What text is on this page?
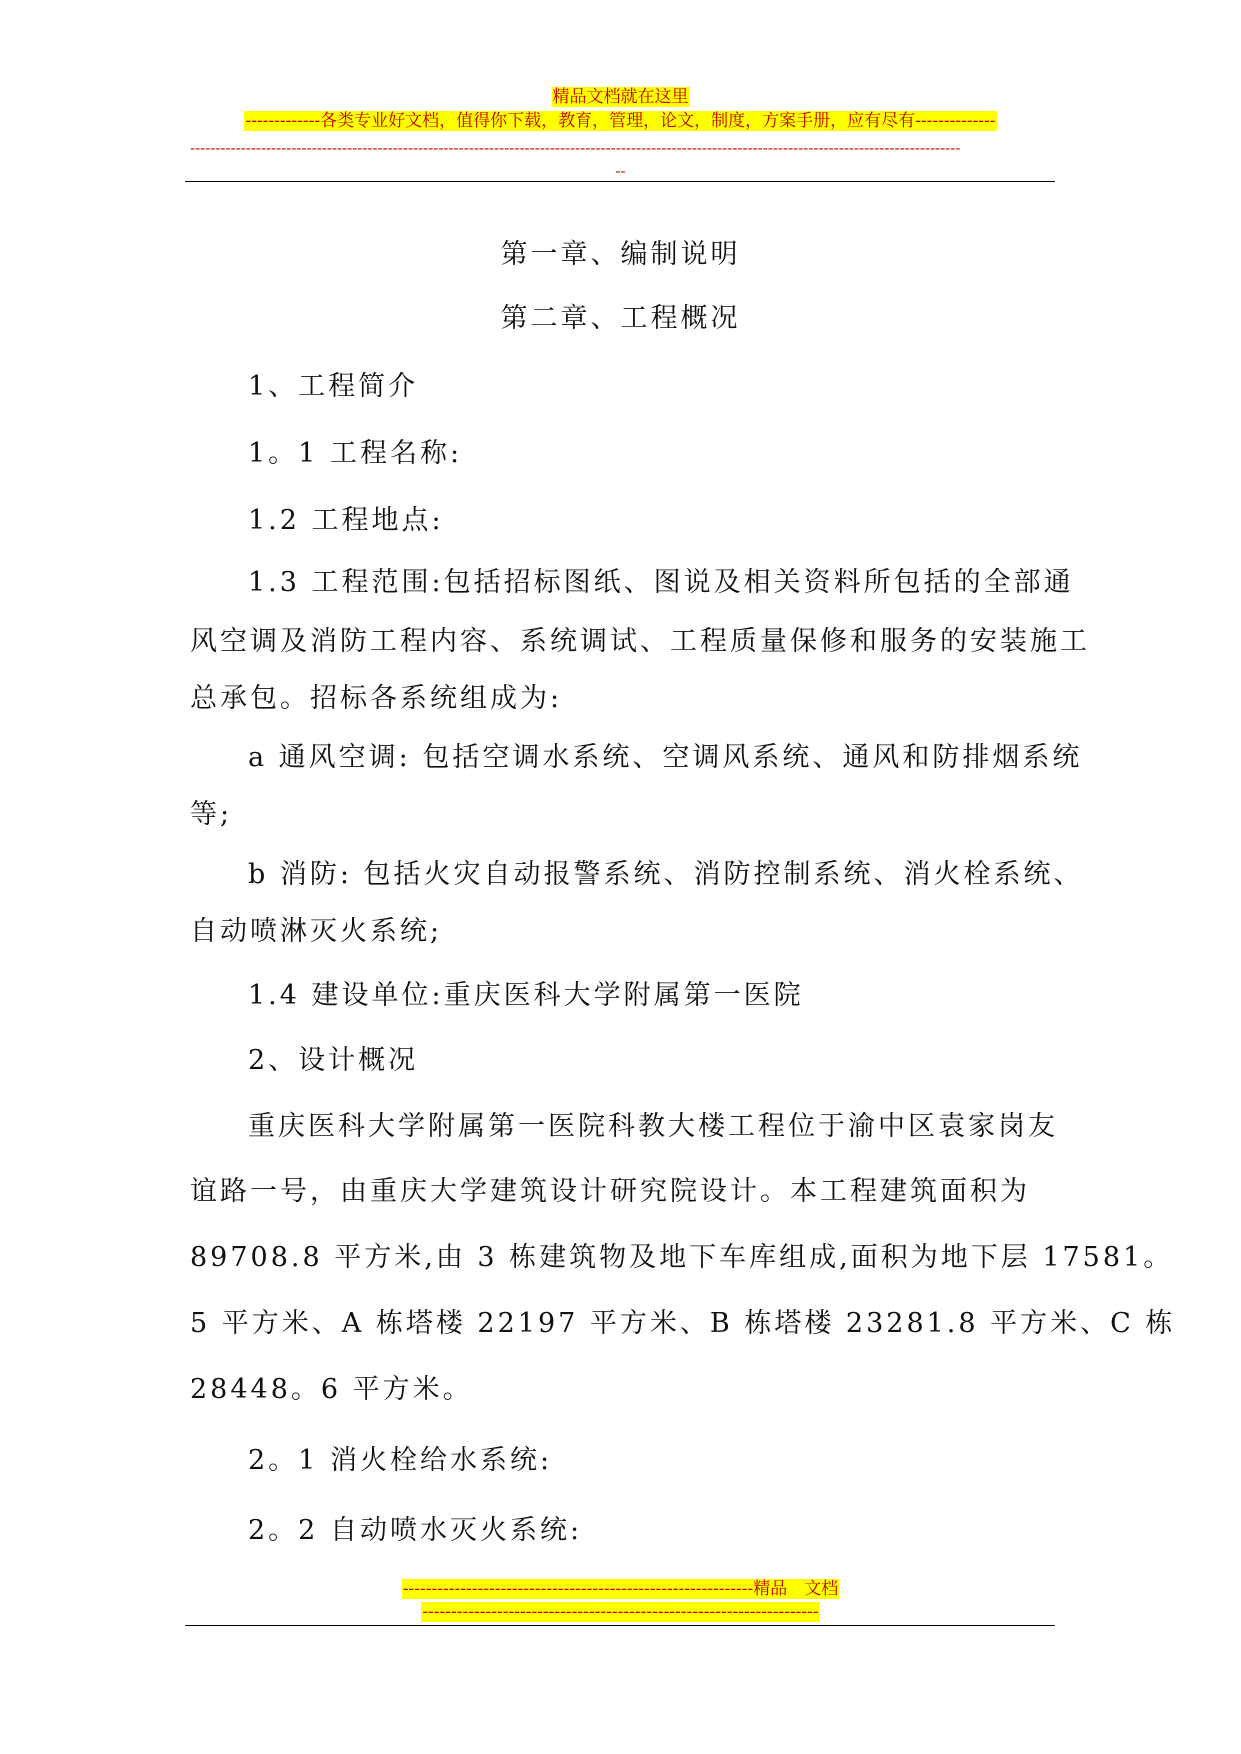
精品文档就在这里
-------------各类专业好文档，值得你下载，教育，管理，论文，制度，方案手册，应有尽有--------------
--------------------------------------------------------------------------------------------------------------------------------------------------------
--
第一章、编制说明
第二章、工程概况
1、工程简介
1。1 工程名称:
1.2 工程地点:
1.3 工程范围:包括招标图纸、图说及相关资料所包括的全部通
风空调及消防工程内容、系统调试、工程质量保修和服务的安装施工
总承包。招标各系统组成为:
a 通风空调: 包括空调水系统、空调风系统、通风和防排烟系统
等;
b 消防: 包括火灾自动报警系统、消防控制系统、消火栓系统、
自动喷淋灭火系统;
1.4 建设单位:重庆医科大学附属第一医院
2、设计概况
重庆医科大学附属第一医院科教大楼工程位于渝中区袁家岗友
谊路一号，由重庆大学建筑设计研究院设计。本工程建筑面积为
89708.8 平方米,由 3 栋建筑物及地下车库组成,面积为地下层 17581。
5 平方米、A 栋塔楼 22197 平方米、B 栋塔楼 23281.8 平方米、C 栋
28448。6 平方米。
2。1 消火栓给水系统:
2。2 自动喷水灭火系统:
-------------------------------------------------------------精品　文档
---------------------------------------------------------------------
